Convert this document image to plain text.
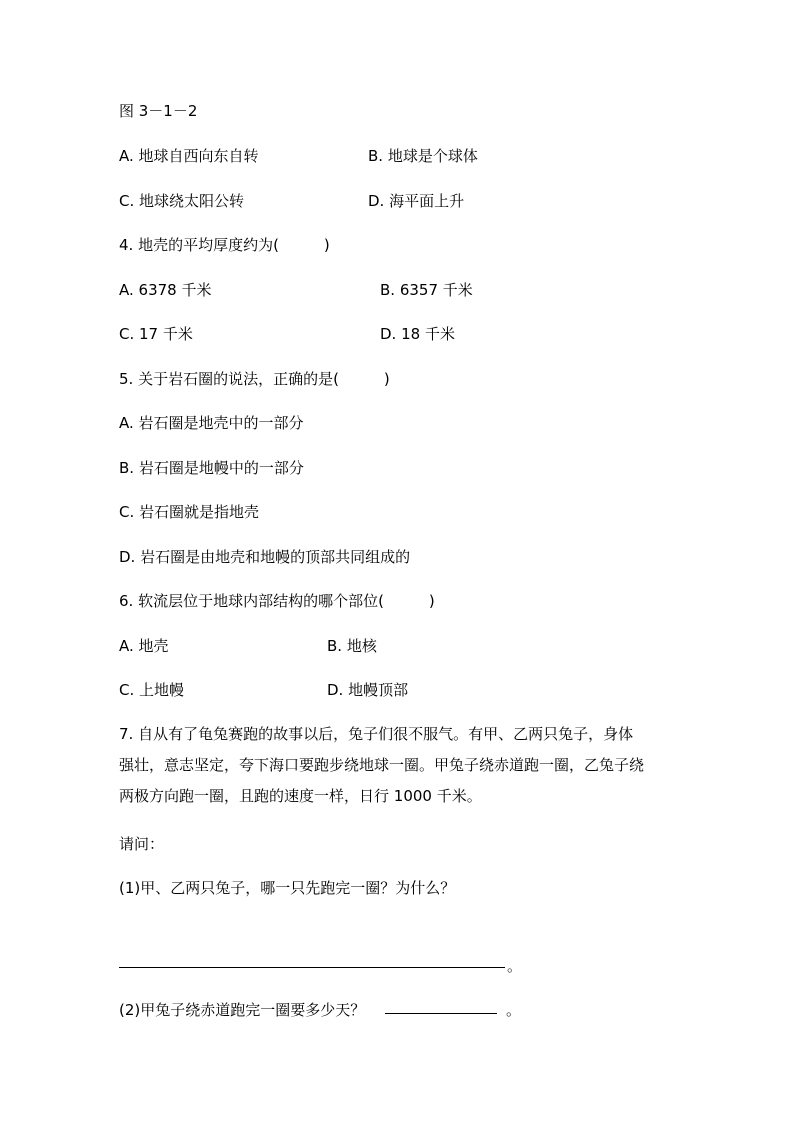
图 3－1－2
A. 地球自西向东自转	B. 地球是个球体
C. 地球绕太阳公转	D. 海平面上升
4. 地壳的平均厚度约为(　　　)
A. 6378 千米	B. 6357 千米
C. 17 千米	D. 18 千米
5. 关于岩石圈的说法，正确的是(　　　)
A. 岩石圈是地壳中的一部分
B. 岩石圈是地幔中的一部分
C. 岩石圈就是指地壳
D. 岩石圈是由地壳和地幔的顶部共同组成的
6. 软流层位于地球内部结构的哪个部位(　　　)
A. 地壳	B. 地核
C. 上地幔	D. 地幔顶部
7. 自从有了龟兔赛跑的故事以后，兔子们很不服气。有甲、乙两只兔子，身体
强壮，意志坚定，夸下海口要跑步绕地球一圈。甲兔子绕赤道跑一圈，乙兔子绕
两极方向跑一圈，且跑的速度一样，日行 1000 千米。
请问：
(1)甲、乙两只兔子，哪一只先跑完一圈？为什么？
。
(2)甲兔子绕赤道跑完一圈要多少天？	。
